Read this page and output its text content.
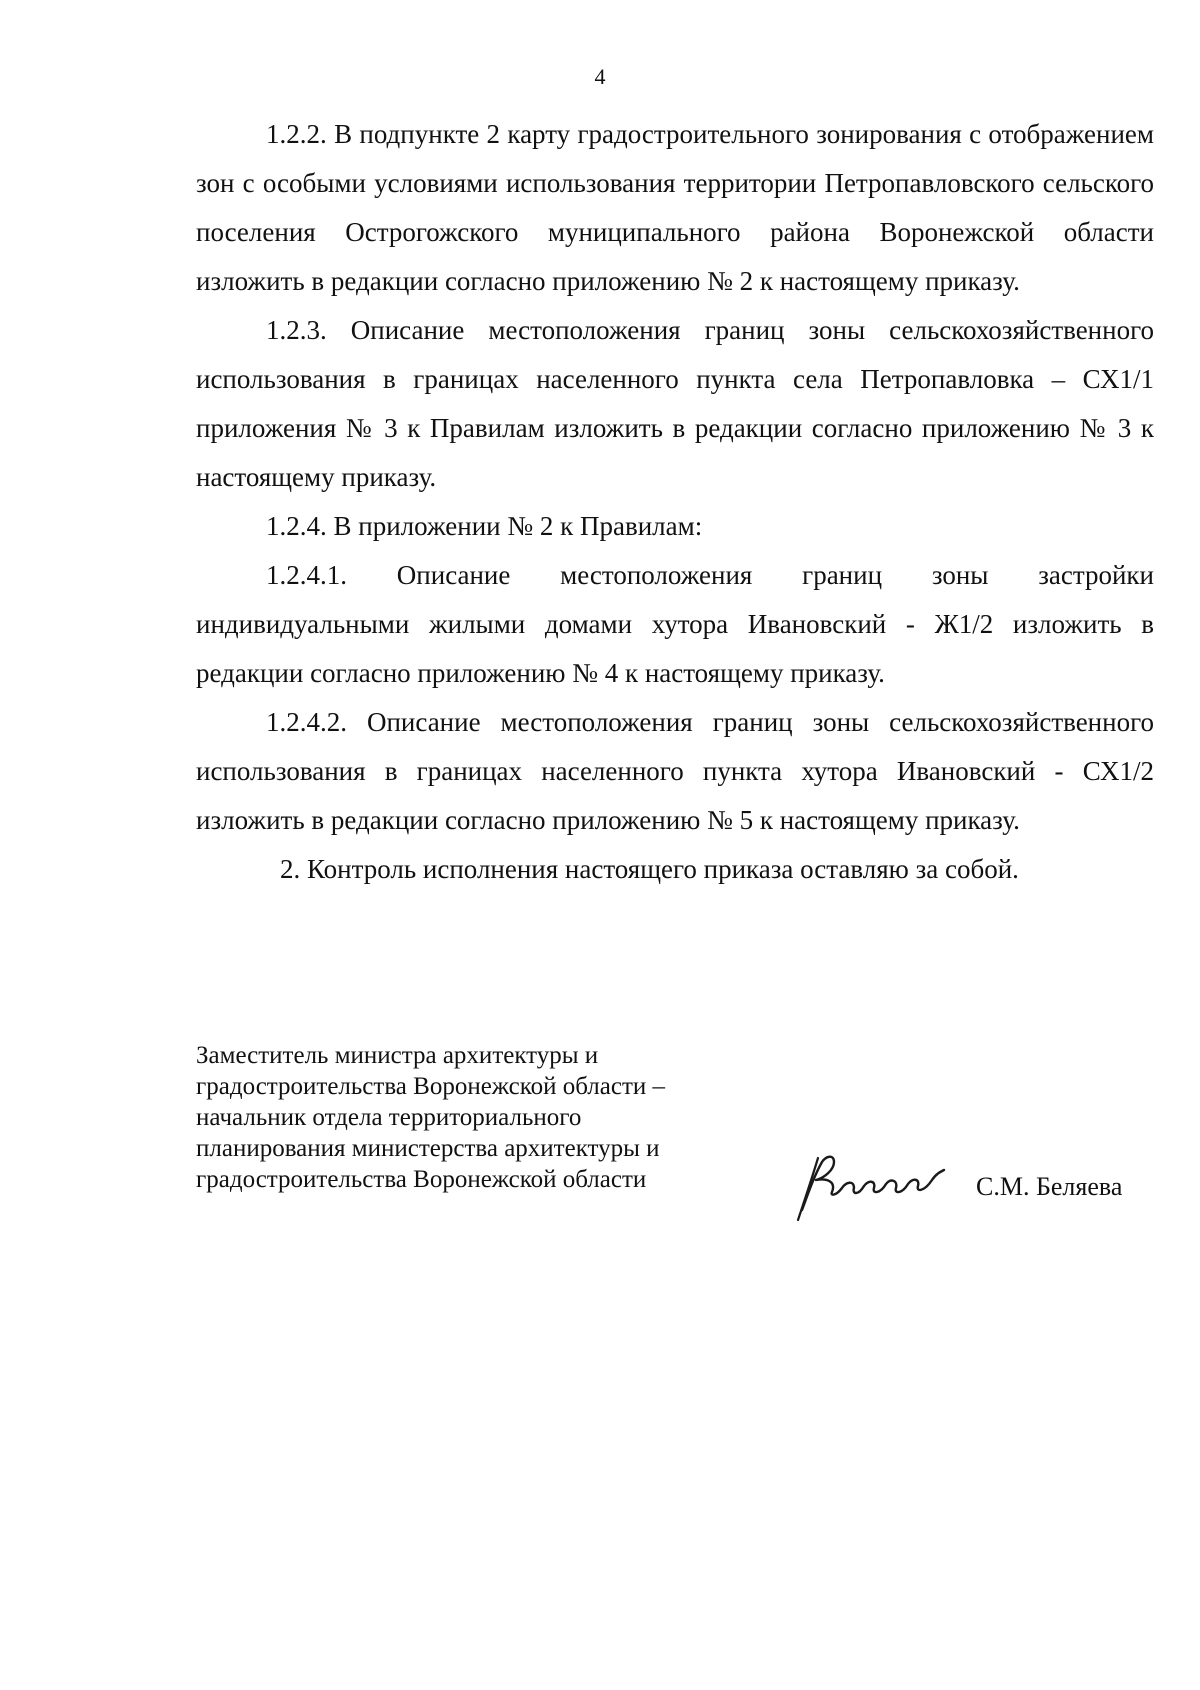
4

1.2.2. В подпункте 2 карту градостроительного зонирования с отображением зон с особыми условиями использования территории Петропавловского сельского поселения Острогожского муниципального района Воронежской области изложить в редакции согласно приложению № 2 к настоящему приказу.

1.2.3. Описание местоположения границ зоны сельскохозяйственного использования в границах населенного пункта села Петропавловка – СХ1/1 приложения № 3 к Правилам изложить в редакции согласно приложению № 3 к настоящему приказу.

1.2.4. В приложении № 2 к Правилам:

1.2.4.1. Описание местоположения границ зоны застройки индивидуальными жилыми домами хутора Ивановский - Ж1/2 изложить в редакции согласно приложению № 4 к настоящему приказу.

1.2.4.2. Описание местоположения границ зоны сельскохозяйственного использования в границах населенного пункта хутора Ивановский - СХ1/2 изложить в редакции согласно приложению № 5 к настоящему приказу.

2. Контроль исполнения настоящего приказа оставляю за собой.

Заместитель министра архитектуры и
градостроительства Воронежской области –
начальник отдела территориального
планирования министерства архитектуры и
градостроительства Воронежской области	С.М. Беляева
